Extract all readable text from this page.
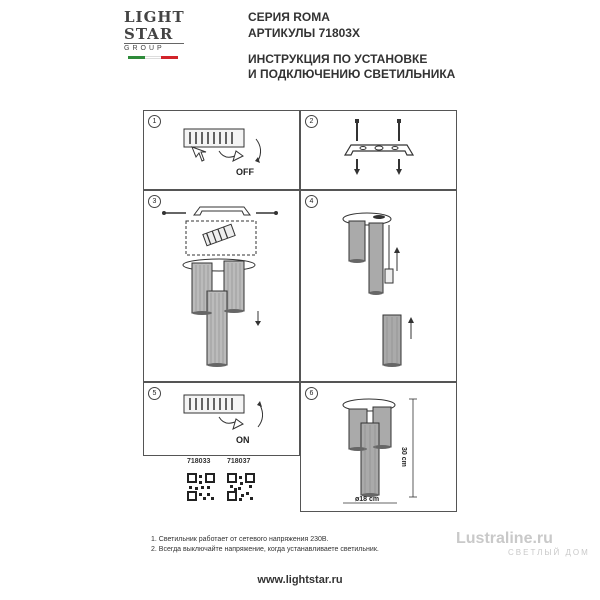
LIGHT
STAR
GROUP
СЕРИЯ ROMA
АРТИКУЛЫ 71803X
ИНСТРУКЦИЯ ПО УСТАНОВКЕ
И ПОДКЛЮЧЕНИЮ СВЕТИЛЬНИКА
1
OFF
2
3	4
5
ON
6
30 cm
ø18 cm
718033	718037
1. Светильник работает от сетевого напряжения 230В.
2. Всегда выключайте напряжение, когда устанавливаете светильник.
Lustraline.ru
СВЕТЛЫЙ ДОМ
www.lightstar.ru
